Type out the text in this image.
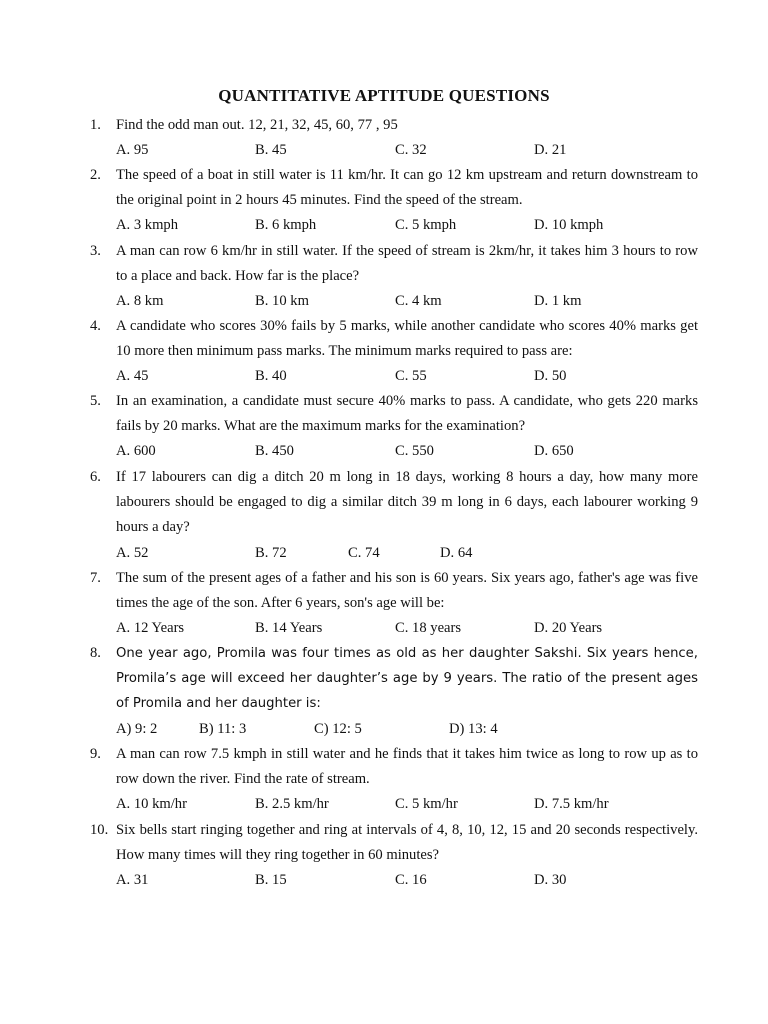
QUANTITATIVE APTITUDE QUESTIONS
1. Find the odd man out. 12, 21, 32, 45, 60, 77 , 95
A. 95	B. 45	C. 32	D. 21
2. The speed of a boat in still water is 11 km/hr. It can go 12 km upstream and return downstream to the original point in 2 hours 45 minutes. Find the speed of the stream.
A. 3 kmph	B. 6 kmph	C. 5 kmph	D. 10 kmph
3. A man can row 6 km/hr in still water. If the speed of stream is 2km/hr, it takes him 3 hours to row to a place and back. How far is the place?
A. 8 km	B. 10 km	C. 4 km	D. 1 km
4. A candidate who scores 30% fails by 5 marks, while another candidate who scores 40% marks get 10 more then minimum pass marks. The minimum marks required to pass are:
A. 45	B. 40	C. 55	D. 50
5. In an examination, a candidate must secure 40% marks to pass. A candidate, who gets 220 marks fails by 20 marks. What are the maximum marks for the examination?
A. 600	B. 450	C. 550	D. 650
6. If 17 labourers can dig a ditch 20 m long in 18 days, working 8 hours a day, how many more labourers should be engaged to dig a similar ditch 39 m long in 6 days, each labourer working 9 hours a day?
A. 52	B. 72	C. 74	D. 64
7. The sum of the present ages of a father and his son is 60 years. Six years ago, father's age was five times the age of the son. After 6 years, son's age will be:
A. 12 Years	B. 14 Years	C. 18 years	D. 20 Years
8. One year ago, Promila was four times as old as her daughter Sakshi. Six years hence, Promila’s age will exceed her daughter’s age by 9 years. The ratio of the present ages of Promila and her daughter is:
A) 9: 2	B) 11: 3	C) 12: 5	D) 13: 4
9. A man can row 7.5 kmph in still water and he finds that it takes him twice as long to row up as to row down the river. Find the rate of stream.
A. 10 km/hr	B. 2.5 km/hr	C. 5 km/hr	D. 7.5 km/hr
10. Six bells start ringing together and ring at intervals of 4, 8, 10, 12, 15 and 20 seconds respectively. How many times will they ring together in 60 minutes?
A. 31	B. 15	C. 16	D. 30
